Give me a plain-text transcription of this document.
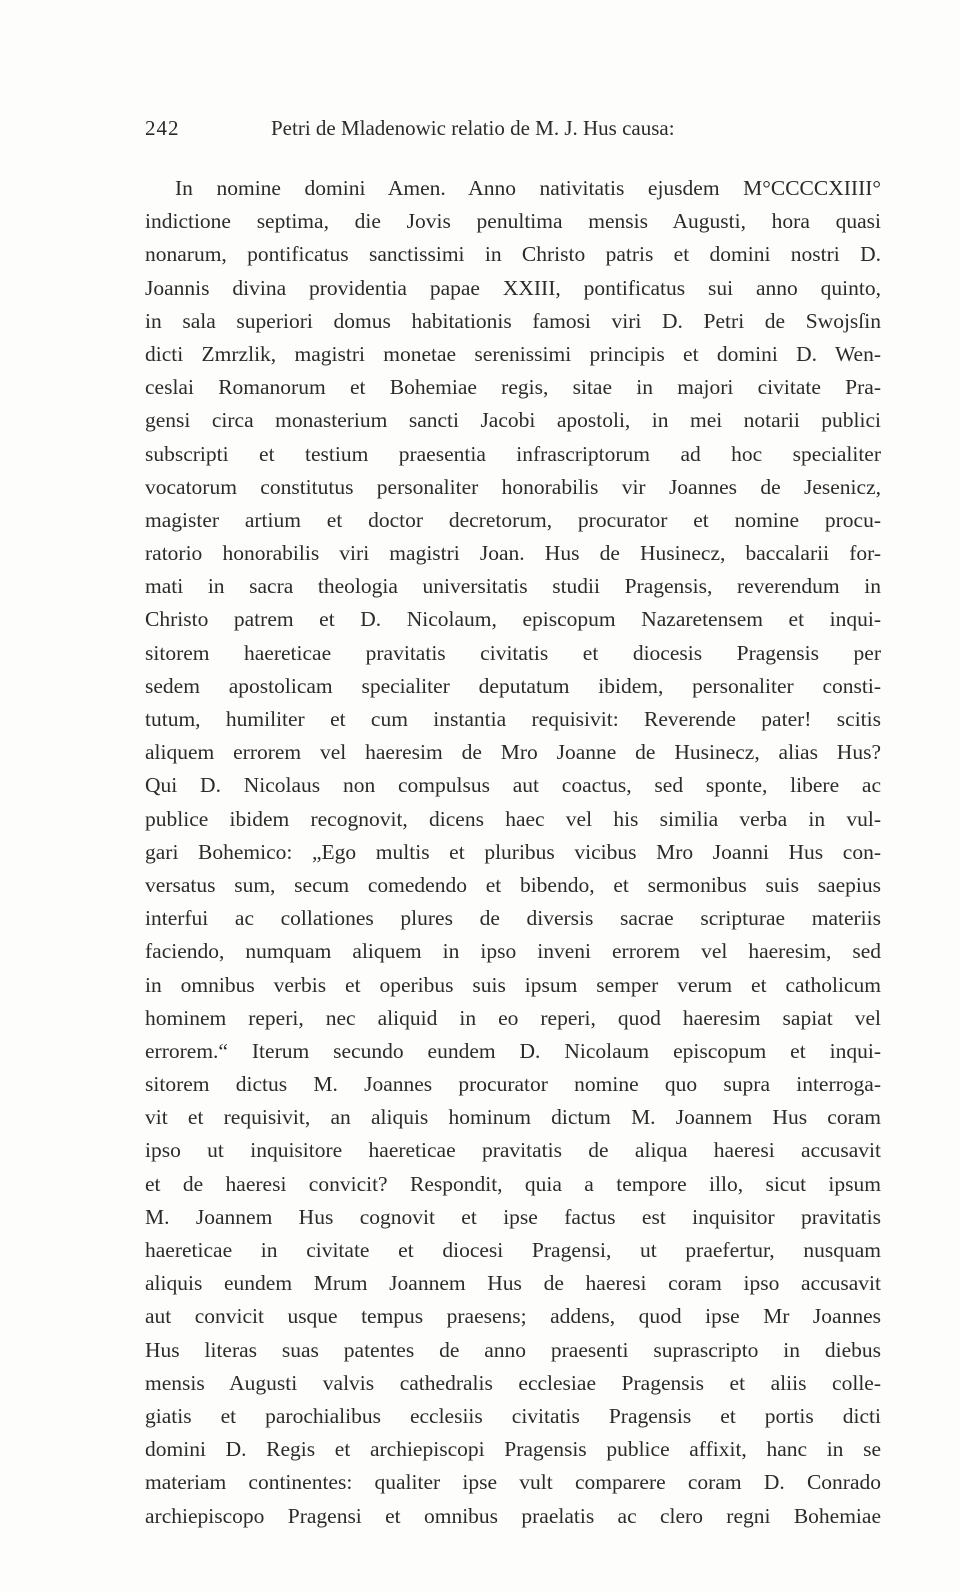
242	Petri de Mladenowic relatio de M. J. Hus causa:
In nomine domini Amen. Anno nativitatis ejusdem M°CCCCXIIII°
indictione septima, die Jovis penultima mensis Augusti, hora quasi
nonarum, pontificatus sanctissimi in Christo patris et domini nostri D.
Joannis divina providentia papae XXIII, pontificatus sui anno quinto,
in sala superiori domus habitationis famosi viri D. Petri de Swojsſin
dicti Zmrzlik, magistri monetae serenissimi principis et domini D. Wen-
ceslai Romanorum et Bohemiae regis, sitae in majori civitate Pra-
gensi circa monasterium sancti Jacobi apostoli, in mei notarii publici
subscripti et testium praesentia infrascriptorum ad hoc specialiter
vocatorum constitutus personaliter honorabilis vir Joannes de Jesenicz,
magister artium et doctor decretorum, procurator et nomine procu-
ratorio honorabilis viri magistri Joan. Hus de Husinecz, baccalarii for-
mati in sacra theologia universitatis studii Pragensis, reverendum in
Christo patrem et D. Nicolaum, episcopum Nazaretensem et inqui-
sitorem haereticae pravitatis civitatis et diocesis Pragensis per
sedem apostolicam specialiter deputatum ibidem, personaliter consti-
tutum, humiliter et cum instantia requisivit: Reverende pater! scitis
aliquem errorem vel haeresim de Mro Joanne de Husinecz, alias Hus?
Qui D. Nicolaus non compulsus aut coactus, sed sponte, libere ac
publice ibidem recognovit, dicens haec vel his similia verba in vul-
gari Bohemico: „Ego multis et pluribus vicibus Mro Joanni Hus con-
versatus sum, secum comedendo et bibendo, et sermonibus suis saepius
interfui ac collationes plures de diversis sacrae scripturae materiis
faciendo, numquam aliquem in ipso inveni errorem vel haeresim, sed
in omnibus verbis et operibus suis ipsum semper verum et catholicum
hominem reperi, nec aliquid in eo reperi, quod haeresim sapiat vel
errorem.“ Iterum secundo eundem D. Nicolaum episcopum et inqui-
sitorem dictus M. Joannes procurator nomine quo supra interroga-
vit et requisivit, an aliquis hominum dictum M. Joannem Hus coram
ipso ut inquisitore haereticae pravitatis de aliqua haeresi accusavit
et de haeresi convicit? Respondit, quia a tempore illo, sicut ipsum
M. Joannem Hus cognovit et ipse factus est inquisitor pravitatis
haereticae in civitate et diocesi Pragensi, ut praefertur, nusquam
aliquis eundem Mrum Joannem Hus de haeresi coram ipso accusavit
aut convicit usque tempus praesens; addens, quod ipse Mr Joannes
Hus literas suas patentes de anno praesenti suprascripto in diebus
mensis Augusti valvis cathedralis ecclesiae Pragensis et aliis colle-
giatis et parochialibus ecclesiis civitatis Pragensis et portis dicti
domini D. Regis et archiepiscopi Pragensis publice affixit, hanc in se
materiam continentes: qualiter ipse vult comparere coram D. Conrado
archiepiscopo Pragensi et omnibus praelatis ac clero regni Bohemiae
